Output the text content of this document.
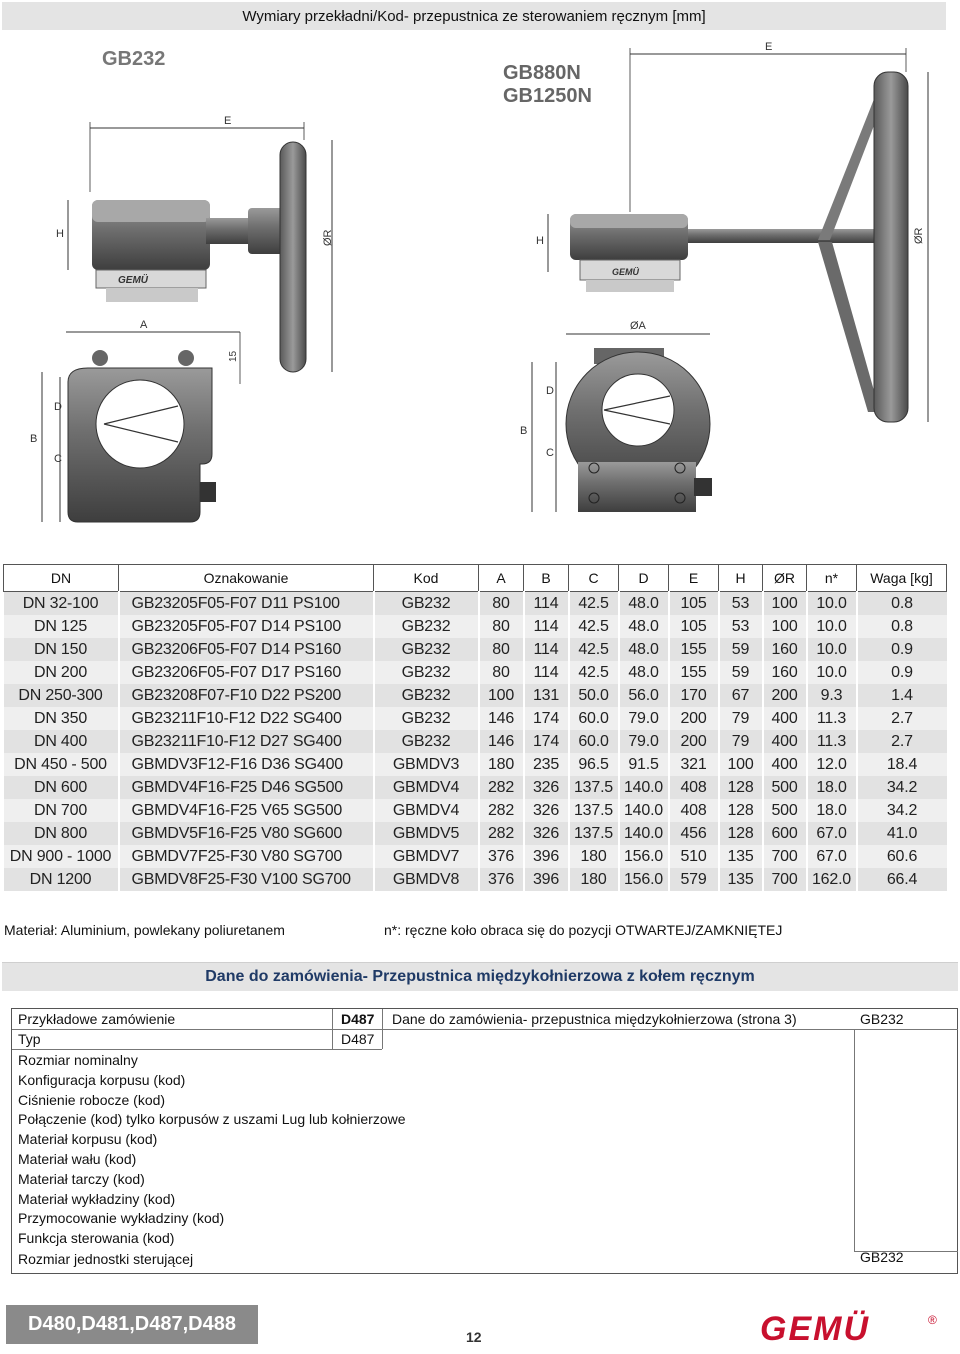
Wymiary przekładni/Kod- przepustnica ze sterowaniem ręcznym [mm]
GB232
E
H
GEMÜ
ØR
A
15
B
D
C
GB880N
GB1250N
E
H
GEMÜ
ØR
ØA
B
D
C
DN	Oznakowanie	Kod	A	B	C	D	E	H	ØR	n*	Waga [kg]
DN 32-100	GB23205F05-F07 D11 PS100	GB232	80	114	42.5	48.0	105	53	100	10.0	0.8
DN 125	GB23205F05-F07 D14 PS100	GB232	80	114	42.5	48.0	105	53	100	10.0	0.8
DN 150	GB23206F05-F07 D14 PS160	GB232	80	114	42.5	48.0	155	59	160	10.0	0.9
DN 200	GB23206F05-F07 D17 PS160	GB232	80	114	42.5	48.0	155	59	160	10.0	0.9
DN 250-300	GB23208F07-F10 D22 PS200	GB232	100	131	50.0	56.0	170	67	200	9.3	1.4
DN 350	GB23211F10-F12 D22 SG400	GB232	146	174	60.0	79.0	200	79	400	11.3	2.7
DN 400	GB23211F10-F12 D27 SG400	GB232	146	174	60.0	79.0	200	79	400	11.3	2.7
DN 450 - 500	GBMDV3F12-F16 D36 SG400	GBMDV3	180	235	96.5	91.5	321	100	400	12.0	18.4
DN 600	GBMDV4F16-F25 D46 SG500	GBMDV4	282	326	137.5	140.0	408	128	500	18.0	34.2
DN 700	GBMDV4F16-F25 V65 SG500	GBMDV4	282	326	137.5	140.0	408	128	500	18.0	34.2
DN 800	GBMDV5F16-F25 V80 SG600	GBMDV5	282	326	137.5	140.0	456	128	600	67.0	41.0
DN 900 - 1000	GBMDV7F25-F30 V80 SG700	GBMDV7	376	396	180	156.0	510	135	700	67.0	60.6
DN 1200	GBMDV8F25-F30 V100 SG700	GBMDV8	376	396	180	156.0	579	135	700	162.0	66.4
Materiał: Aluminium, powlekany poliuretanem	n*: ręczne koło obraca się do pozycji OTWARTEJ/ZAMKNIĘTEJ
Dane do zamówienia- Przepustnica międzykołnierzowa z kołem ręcznym
Przykładowe zamówienie	D487 Dane do zamówienia- przepustnica międzykołnierzowa (strona 3)	GB232
Typ	D487
Rozmiar nominalny
Konfiguracja korpusu (kod)
Ciśnienie robocze (kod)
Połączenie (kod) tylko korpusów z uszami Lug lub kołnierzowe
Materiał korpusu (kod)
Materiał wału (kod)
Materiał tarczy (kod)
Materiał wykładziny (kod)
Przymocowanie wykładziny (kod)
Funkcja sterowania (kod)
Rozmiar jednostki sterującej	GB232
D480,D481,D487,D488
12	GEMÜ	®
